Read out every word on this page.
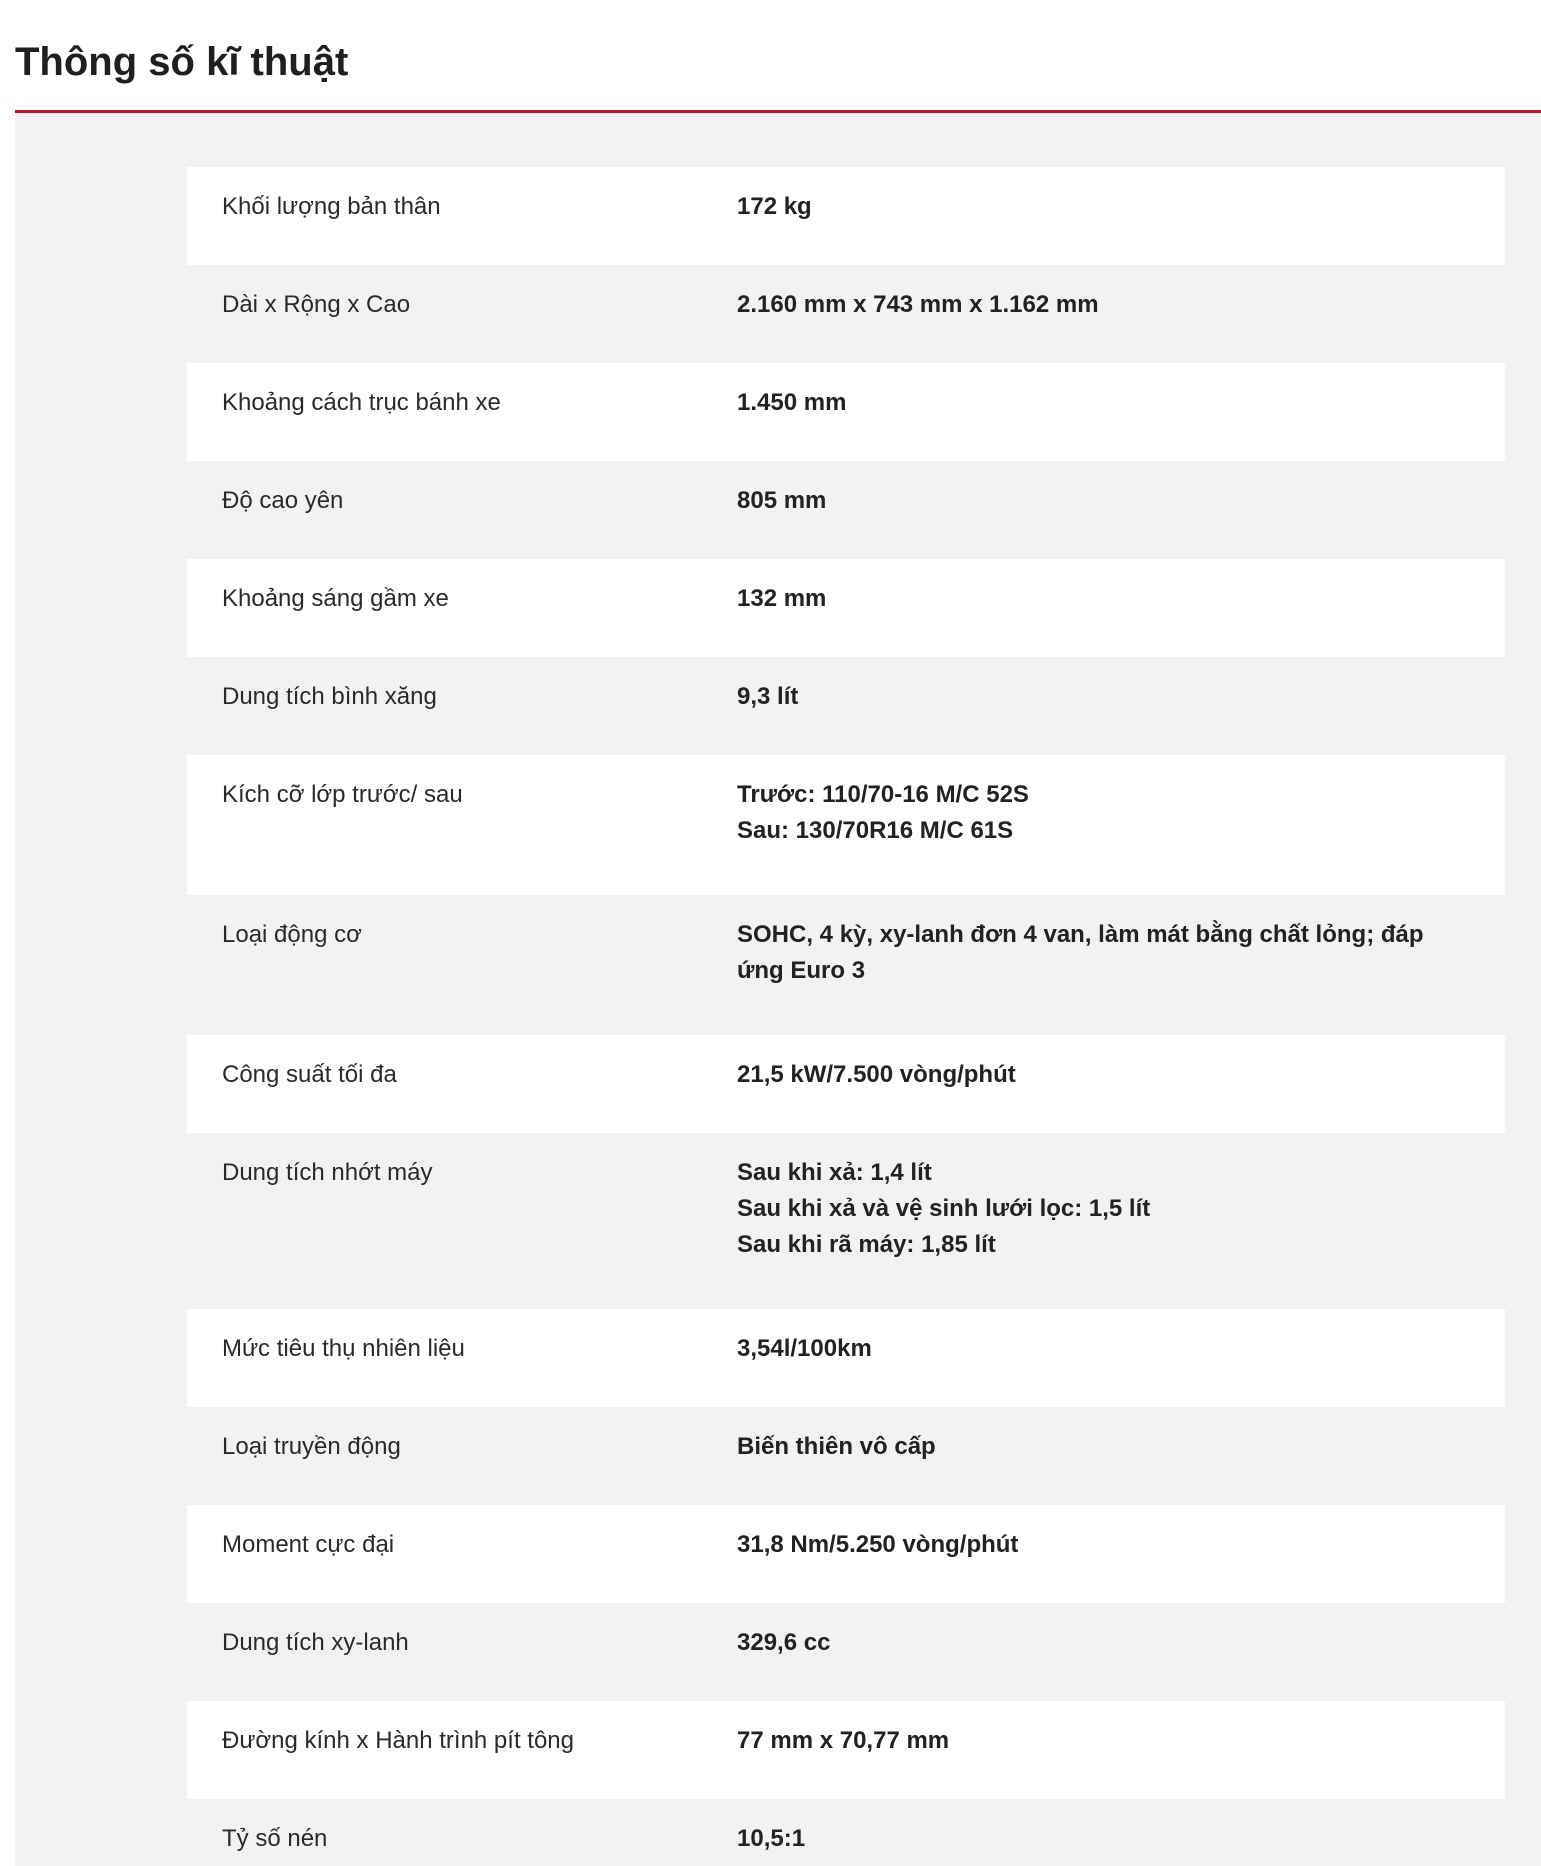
Thông số kĩ thuật
Khối lượng bản thân	172 kg
Dài x Rộng x Cao	2.160 mm x 743 mm x 1.162 mm
Khoảng cách trục bánh xe	1.450 mm
Độ cao yên	805 mm
Khoảng sáng gầm xe	132 mm
Dung tích bình xăng	9,3 lít
Kích cỡ lớp trước/ sau	Trước: 110/70-16 M/C 52S
Sau: 130/70R16 M/C 61S
Loại động cơ	SOHC, 4 kỳ, xy-lanh đơn 4 van, làm mát bằng chất lỏng; đáp
ứng Euro 3
Công suất tối đa	21,5 kW/7.500 vòng/phút
Dung tích nhớt máy	Sau khi xả: 1,4 lít
Sau khi xả và vệ sinh lưới lọc: 1,5 lít
Sau khi rã máy: 1,85 lít
Mức tiêu thụ nhiên liệu	3,54l/100km
Loại truyền động	Biến thiên vô cấp
Moment cực đại	31,8 Nm/5.250 vòng/phút
Dung tích xy-lanh	329,6 cc
Đường kính x Hành trình pít tông	77 mm x 70,77 mm
Tỷ số nén	10,5:1
